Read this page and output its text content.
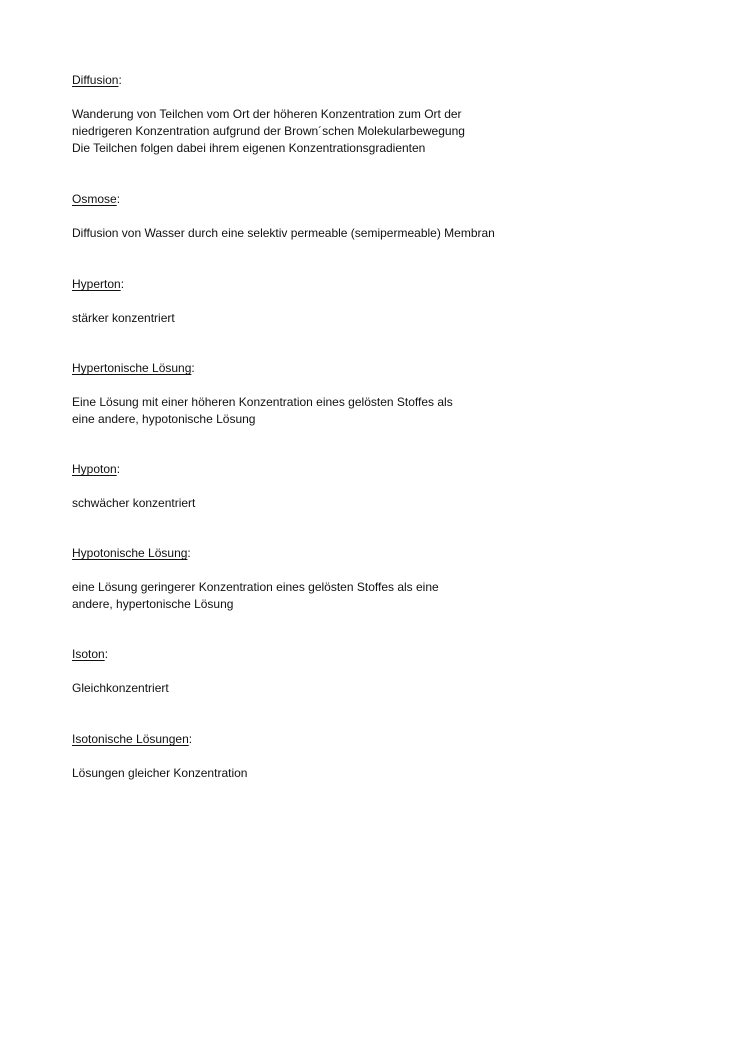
Diffusion:

Wanderung von Teilchen vom Ort der höheren Konzentration zum Ort der
niedrigeren Konzentration aufgrund der Brown´schen Molekularbewegung
Die Teilchen folgen dabei ihrem eigenen Konzentrationsgradienten

Osmose:

Diffusion von Wasser durch eine selektiv permeable (semipermeable) Membran

Hyperton:

stärker konzentriert

Hypertonische Lösung:

Eine Lösung mit einer höheren Konzentration eines gelösten Stoffes als
eine andere, hypotonische Lösung

Hypoton:

schwächer konzentriert

Hypotonische Lösung:

eine Lösung geringerer Konzentration eines gelösten Stoffes als eine
andere, hypertonische Lösung

Isoton:

Gleichkonzentriert

Isotonische Lösungen:

Lösungen gleicher Konzentration
